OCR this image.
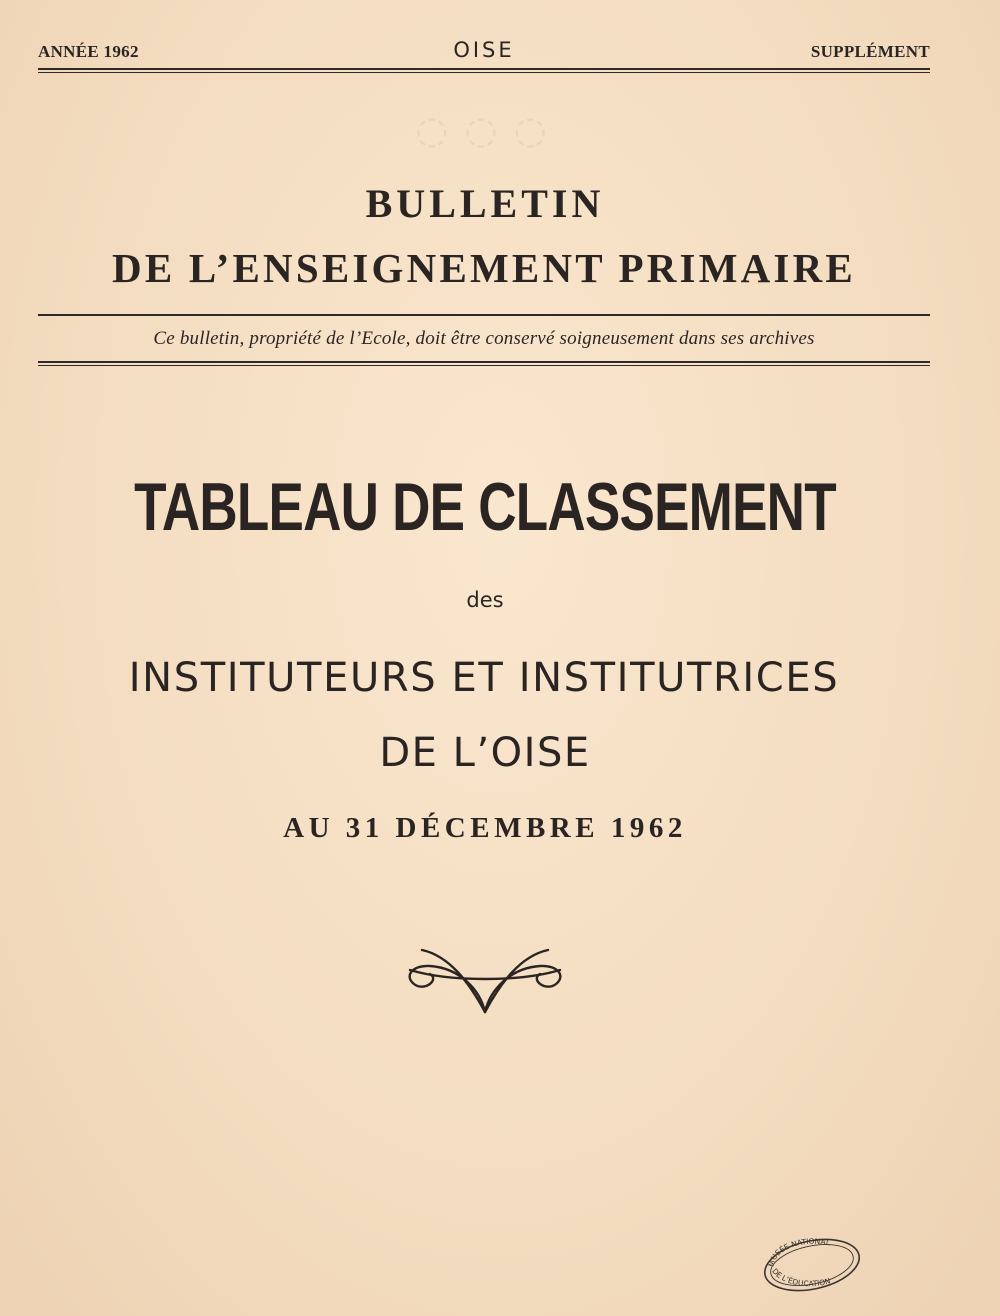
◌ ◌ ◌
ANNÉE 1962	OISE	SUPPLÉMENT
BULLETIN
DE L’ENSEIGNEMENT PRIMAIRE
Ce bulletin, propriété de l’Ecole, doit être conservé soigneusement dans ses archives
TABLEAU DE CLASSEMENT
des
INSTITUTEURS ET INSTITUTRICES
DE L’OISE
AU 31 DÉCEMBRE 1962
MUSÉE NATIONAL
DE L’ÉDUCATION
